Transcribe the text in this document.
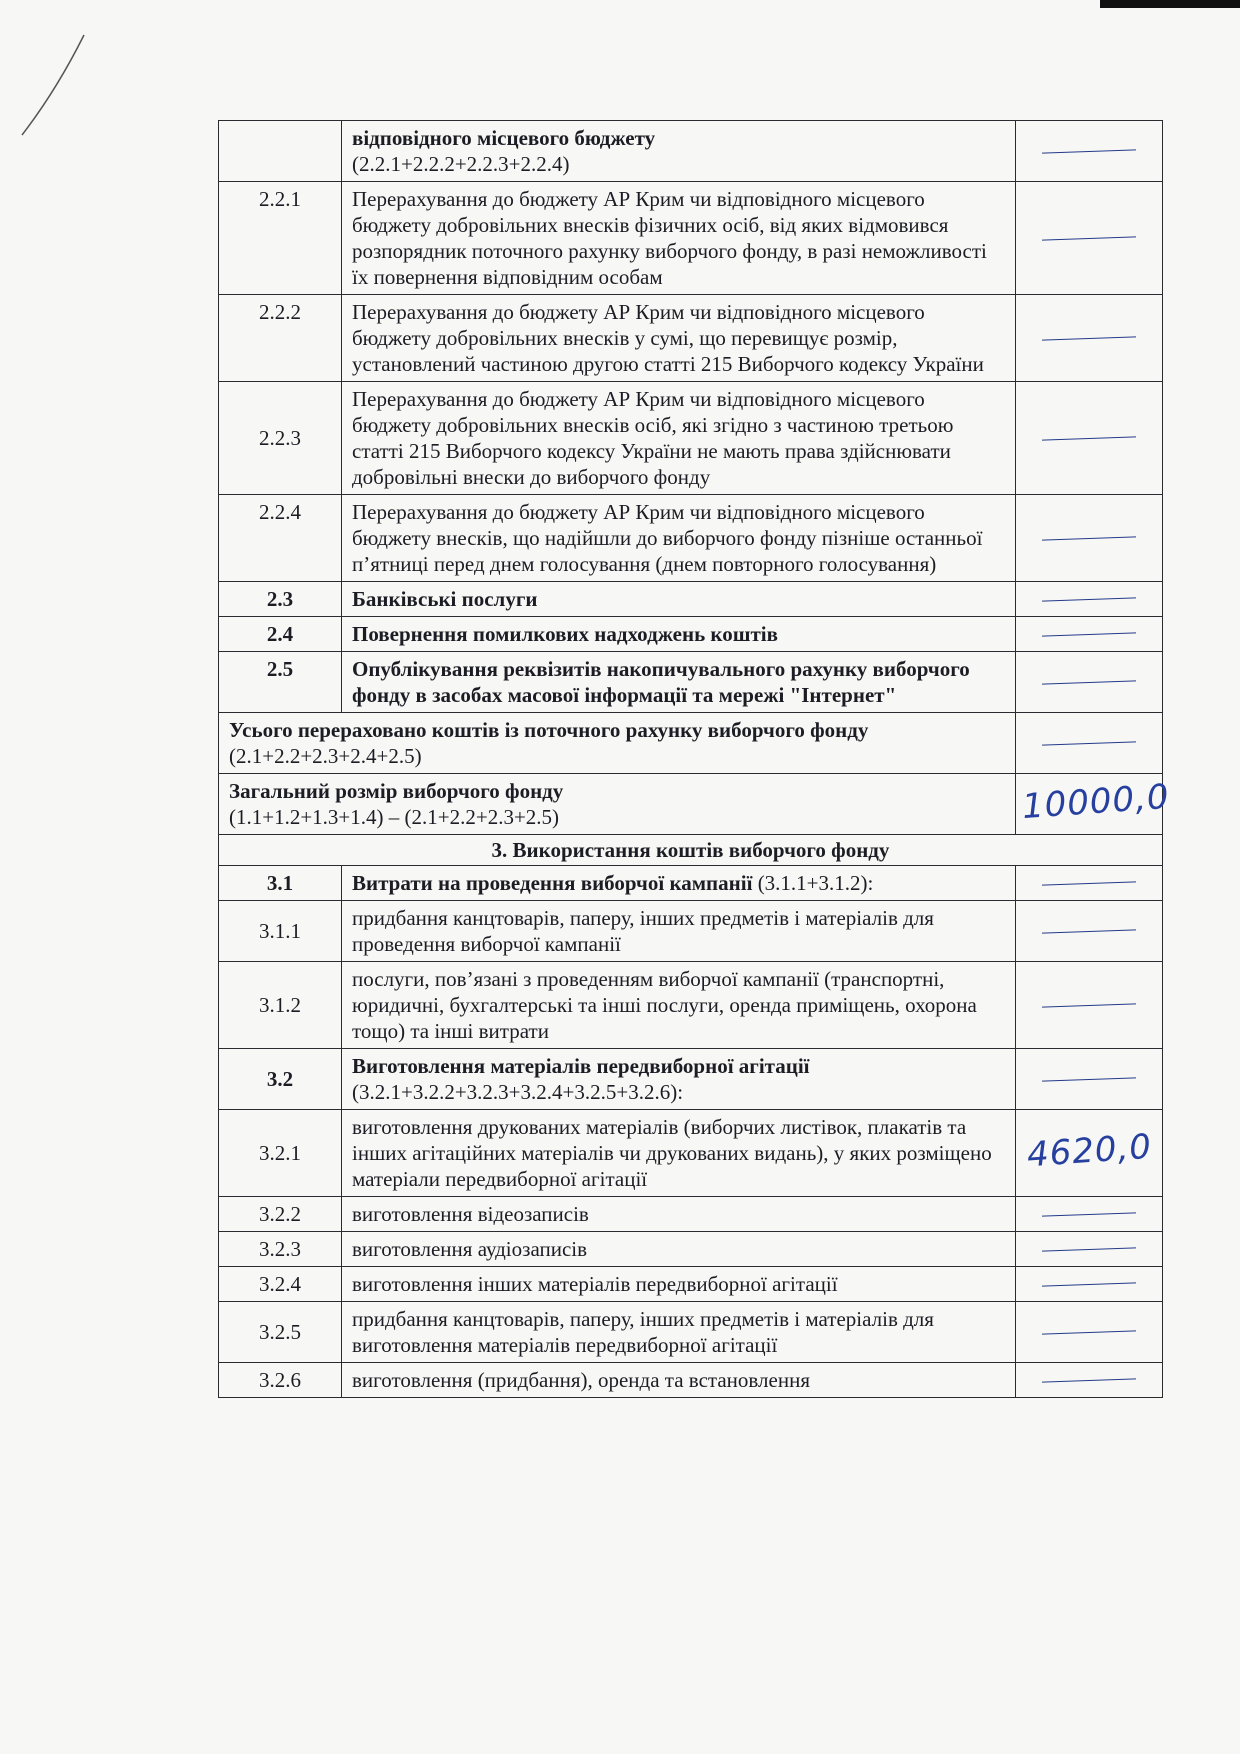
	відповідного місцевого бюджету
(2.2.1+2.2.2+2.2.3+2.2.4)	

2.2.1	Перерахування до бюджету АР Крим чи відповідного місцевого бюджету добровільних внесків фізичних осіб, від яких відмовився розпорядник поточного рахунку виборчого фонду, в разі неможливості їх повернення відповідним особам	

2.2.2	Перерахування до бюджету АР Крим чи відповідного місцевого бюджету добровільних внесків у сумі, що перевищує розмір, установлений частиною другою статті 215 Виборчого кодексу України	

2.2.3	Перерахування до бюджету АР Крим чи відповідного місцевого бюджету добровільних внесків осіб, які згідно з частиною третьою статті 215 Виборчого кодексу України не мають права здійснювати добровільні внески до виборчого фонду	

2.2.4	Перерахування до бюджету АР Крим чи відповідного місцевого бюджету внесків, що надійшли до виборчого фонду пізніше останньої п’ятниці перед днем голосування (днем повторного голосування)	

2.3	Банківські послуги	

2.4	Повернення помилкових надходжень коштів	

2.5	Опублікування реквізитів накопичувального рахунку виборчого фонду в засобах масової інформації та мережі "Інтернет"	

Усього перераховано коштів із поточного рахунку виборчого фонду
(2.1+2.2+2.3+2.4+2.5)	

Загальний розмір виборчого фонду
(1.1+1.2+1.3+1.4) – (2.1+2.2+2.3+2.5)		10000,0
3. Використання коштів виборчого фонду		
3.1	Витрати на проведення виборчої кампанії (3.1.1+3.1.2):	

3.1.1	придбання канцтоварів, паперу, інших предметів і матеріалів для проведення виборчої кампанії	

3.1.2	послуги, пов’язані з проведенням виборчої кампанії (транспортні, юридичні, бухгалтерські та інші послуги, оренда приміщень, охорона тощо) та інші витрати	

3.2	Виготовлення матеріалів передвиборної агітації
(3.2.1+3.2.2+3.2.3+3.2.4+3.2.5+3.2.6):	

3.2.1	виготовлення друкованих матеріалів (виборчих листівок, плакатів та інших агітаційних матеріалів чи друкованих видань), у яких розміщено матеріали передвиборної агітації	4620,0
3.2.2	виготовлення відеозаписів	

3.2.3	виготовлення аудіозаписів	

3.2.4	виготовлення інших матеріалів передвиборної агітації	

3.2.5	придбання канцтоварів, паперу, інших предметів і матеріалів для виготовлення матеріалів передвиборної агітації	

3.2.6	виготовлення (придбання), оренда та встановлення	
